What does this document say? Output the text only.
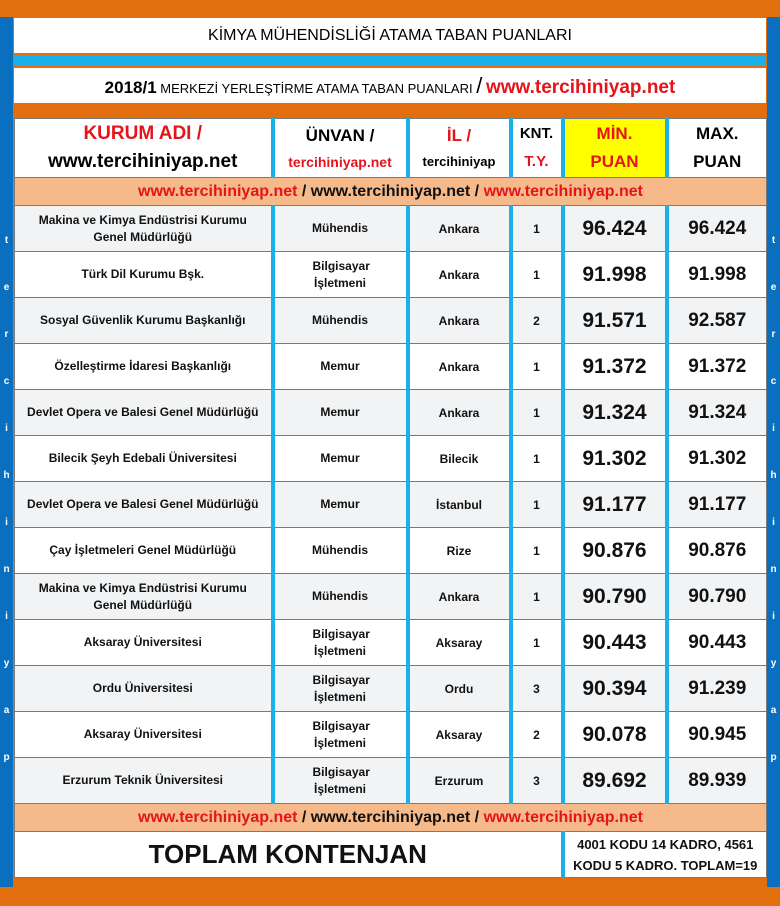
t
e
r
c
i
h
i
n
i
y
a
p
t
e
r
c
i
h
i
n
i
y
a
p
KİMYA MÜHENDİSLİĞİ ATAMA TABAN PUANLARI
2018/1 MERKEZİ YERLEŞTİRME ATAMA TABAN PUANLARI / www.tercihiniyap.net
KURUM ADI /
www.tercihiniyap.net

ÜNVAN /
tercihiniyap.net

İL /
tercihiniyap

KNT.
T.Y.

MİN.
PUAN

MAX.
PUAN

www.tercihiniyap.net / www.tercihiniyap.net / www.tercihiniyap.net					
Makina ve Kimya Endüstrisi Kurumu Genel Müdürlüğü	Mühendis	Ankara	1	96.424	96.424
Türk Dil Kurumu Bşk.	Bilgisayar İşletmeni	Ankara	1	91.998	91.998
Sosyal Güvenlik Kurumu Başkanlığı	Mühendis	Ankara	2	91.571	92.587
Özelleştirme İdaresi Başkanlığı	Memur	Ankara	1	91.372	91.372
Devlet Opera ve Balesi Genel Müdürlüğü	Memur	Ankara	1	91.324	91.324
Bilecik Şeyh Edebali Üniversitesi	Memur	Bilecik	1	91.302	91.302
Devlet Opera ve Balesi Genel Müdürlüğü	Memur	İstanbul	1	91.177	91.177
Çay İşletmeleri Genel Müdürlüğü	Mühendis	Rize	1	90.876	90.876
Makina ve Kimya Endüstrisi Kurumu Genel Müdürlüğü	Mühendis	Ankara	1	90.790	90.790
Aksaray Üniversitesi	Bilgisayar İşletmeni	Aksaray	1	90.443	90.443
Ordu Üniversitesi	Bilgisayar İşletmeni	Ordu	3	90.394	91.239
Aksaray Üniversitesi	Bilgisayar İşletmeni	Aksaray	2	90.078	90.945
Erzurum Teknik Üniversitesi	Bilgisayar İşletmeni	Erzurum	3	89.692	89.939
www.tercihiniyap.net / www.tercihiniyap.net / www.tercihiniyap.net					
TOPLAM KONTENJAN				4001 KODU 14 KADRO, 4561
KODU 5 KADRO. TOPLAM=19	
